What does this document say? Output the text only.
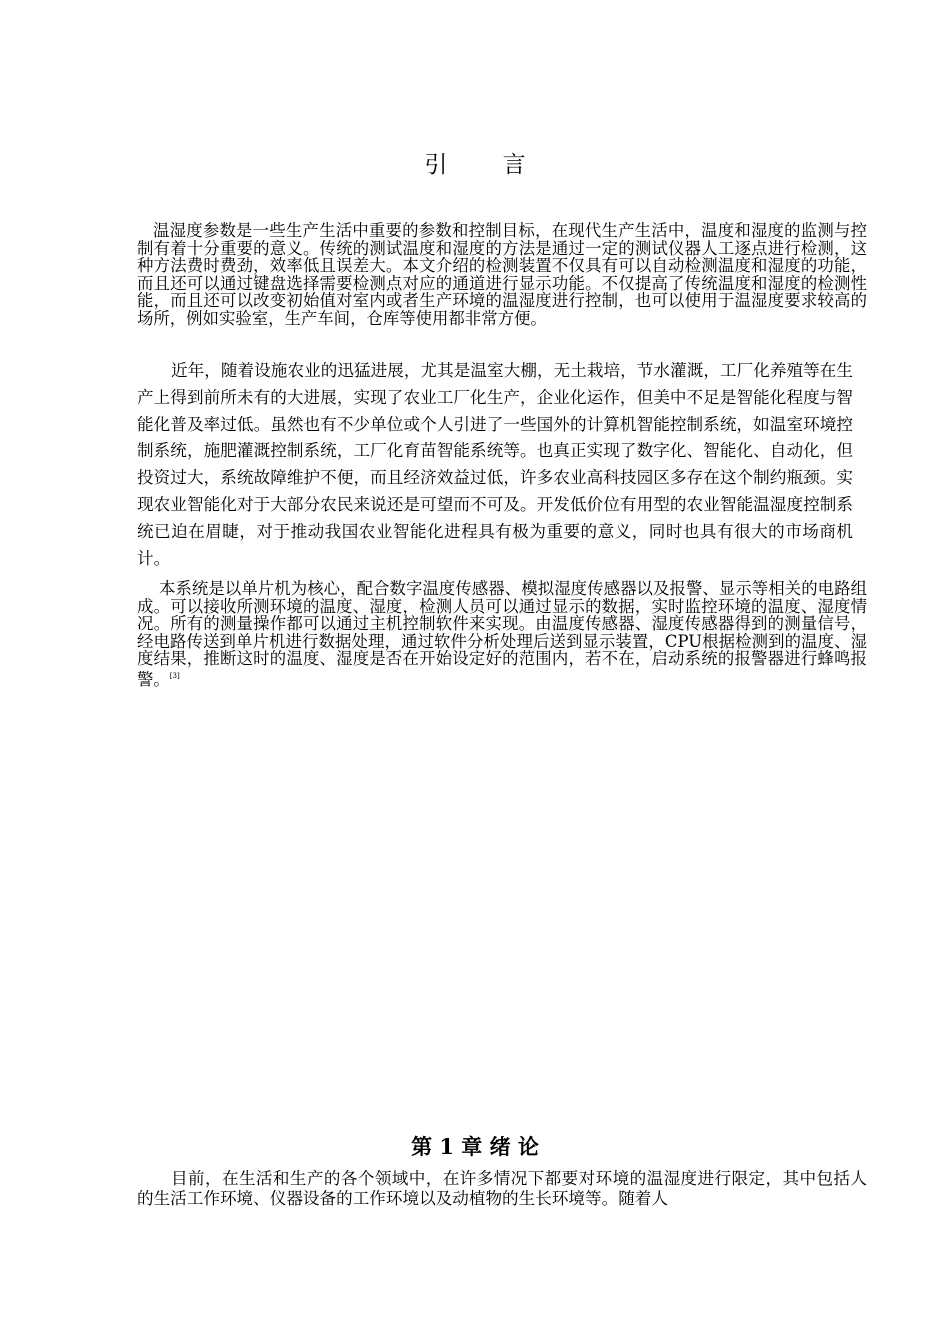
引 言

温湿度参数是一些生产生活中重要的参数和控制目标，在现代生产生活中，温度和湿度的监测与控制有着十分重要的意义。传统的测试温度和湿度的方法是通过一定的测试仪器人工逐点进行检测，这种方法费时费劲，效率低且误差大。本文介绍的检测装置不仅具有可以自动检测温度和湿度的功能，而且还可以通过键盘选择需要检测点对应的通道进行显示功能。不仅提高了传统温度和湿度的检测性能，而且还可以改变初始值对室内或者生产环境的温湿度进行控制，也可以使用于温湿度要求较高的场所，例如实验室，生产车间，仓库等使用都非常方便。

近年，随着设施农业的迅猛进展，尤其是温室大棚，无土栽培，节水灌溉，工厂化养殖等在生产上得到前所未有的大进展，实现了农业工厂化生产，企业化运作，但美中不足是智能化程度与智能化普及率过低。虽然也有不少单位或个人引进了一些国外的计算机智能控制系统，如温室环境控制系统，施肥灌溉控制系统，工厂化育苗智能系统等。也真正实现了数字化、智能化、自动化，但投资过大，系统故障维护不便，而且经济效益过低，许多农业高科技园区多存在这个制约瓶颈。实现农业智能化对于大部分农民来说还是可望而不可及。开发低价位有用型的农业智能温湿度控制系统已迫在眉睫，对于推动我国农业智能化进程具有极为重要的意义，同时也具有很大的市场商机计。

本系统是以单片机为核心，配合数字温度传感器、模拟湿度传感器以及报警、显示等相关的电路组成。可以接收所测环境的温度、湿度，检测人员可以通过显示的数据，实时监控环境的温度、湿度情况。所有的测量操作都可以通过主机控制软件来实现。由温度传感器、湿度传感器得到的测量信号，经电路传送到单片机进行数据处理，通过软件分析处理后送到显示装置，CPU根据检测到的温度、湿度结果，推断这时的温度、湿度是否在开始设定好的范围内，若不在，启动系统的报警器进行蜂鸣报警。[3]

第 1 章 绪 论

目前，在生活和生产的各个领域中，在许多情况下都要对环境的温湿度进行限定，其中包括人的生活工作环境、仪器设备的工作环境以及动植物的生长环境等。随着人
